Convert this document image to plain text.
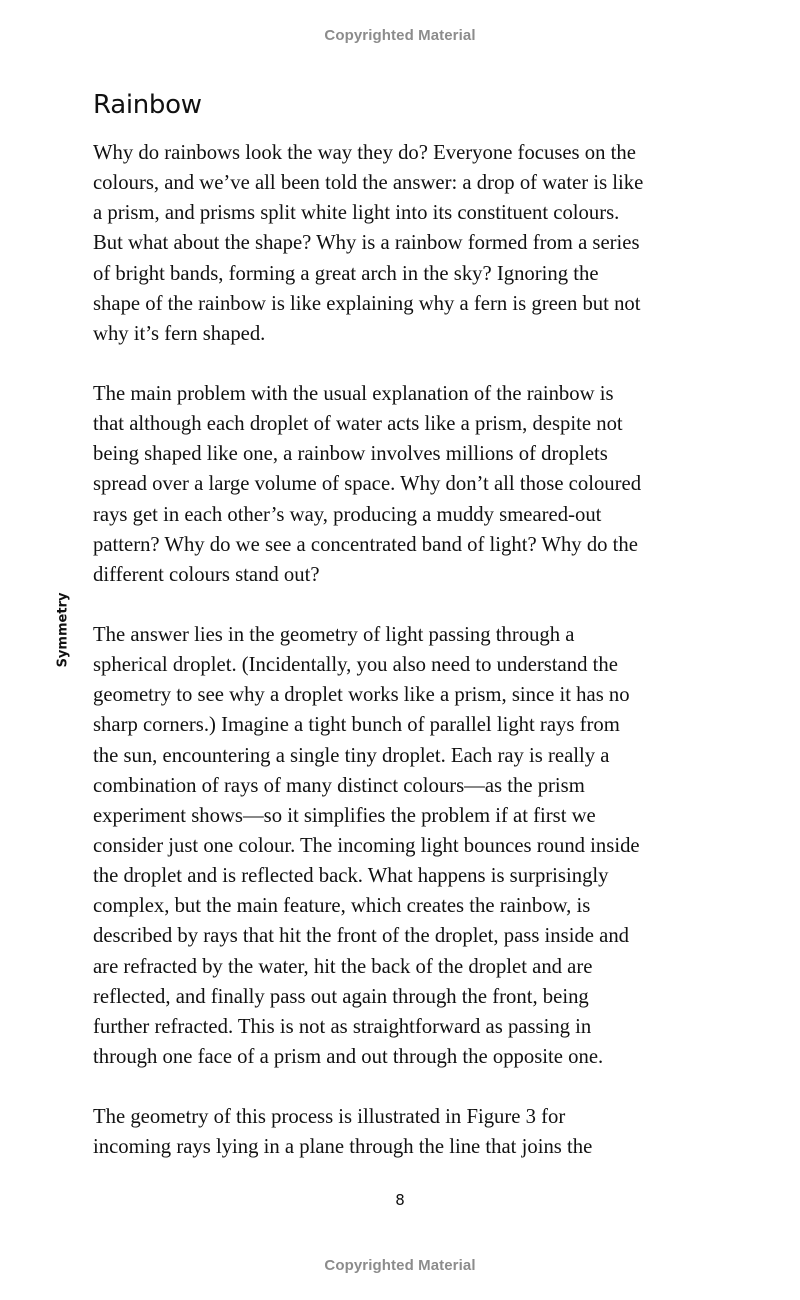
Copyrighted Material
Rainbow
Why do rainbows look the way they do? Everyone focuses on the
colours, and we’ve all been told the answer: a drop of water is like
a prism, and prisms split white light into its constituent colours.
But what about the shape? Why is a rainbow formed from a series
of bright bands, forming a great arch in the sky? Ignoring the
shape of the rainbow is like explaining why a fern is green but not
why it’s fern shaped.
The main problem with the usual explanation of the rainbow is
that although each droplet of water acts like a prism, despite not
being shaped like one, a rainbow involves millions of droplets
spread over a large volume of space. Why don’t all those coloured
rays get in each other’s way, producing a muddy smeared-out
pattern? Why do we see a concentrated band of light? Why do the
different colours stand out?
Symmetry The answer lies in the geometry of light passing through a
spherical droplet. (Incidentally, you also need to understand the
geometry to see why a droplet works like a prism, since it has no
sharp corners.) Imagine a tight bunch of parallel light rays from
the sun, encountering a single tiny droplet. Each ray is really a
combination of rays of many distinct colours—as the prism
experiment shows—so it simplifies the problem if at first we
consider just one colour. The incoming light bounces round inside
the droplet and is reflected back. What happens is surprisingly
complex, but the main feature, which creates the rainbow, is
described by rays that hit the front of the droplet, pass inside and
are refracted by the water, hit the back of the droplet and are
reflected, and finally pass out again through the front, being
further refracted. This is not as straightforward as passing in
through one face of a prism and out through the opposite one.
The geometry of this process is illustrated in Figure 3 for
incoming rays lying in a plane through the line that joins the
8
Copyrighted Material
